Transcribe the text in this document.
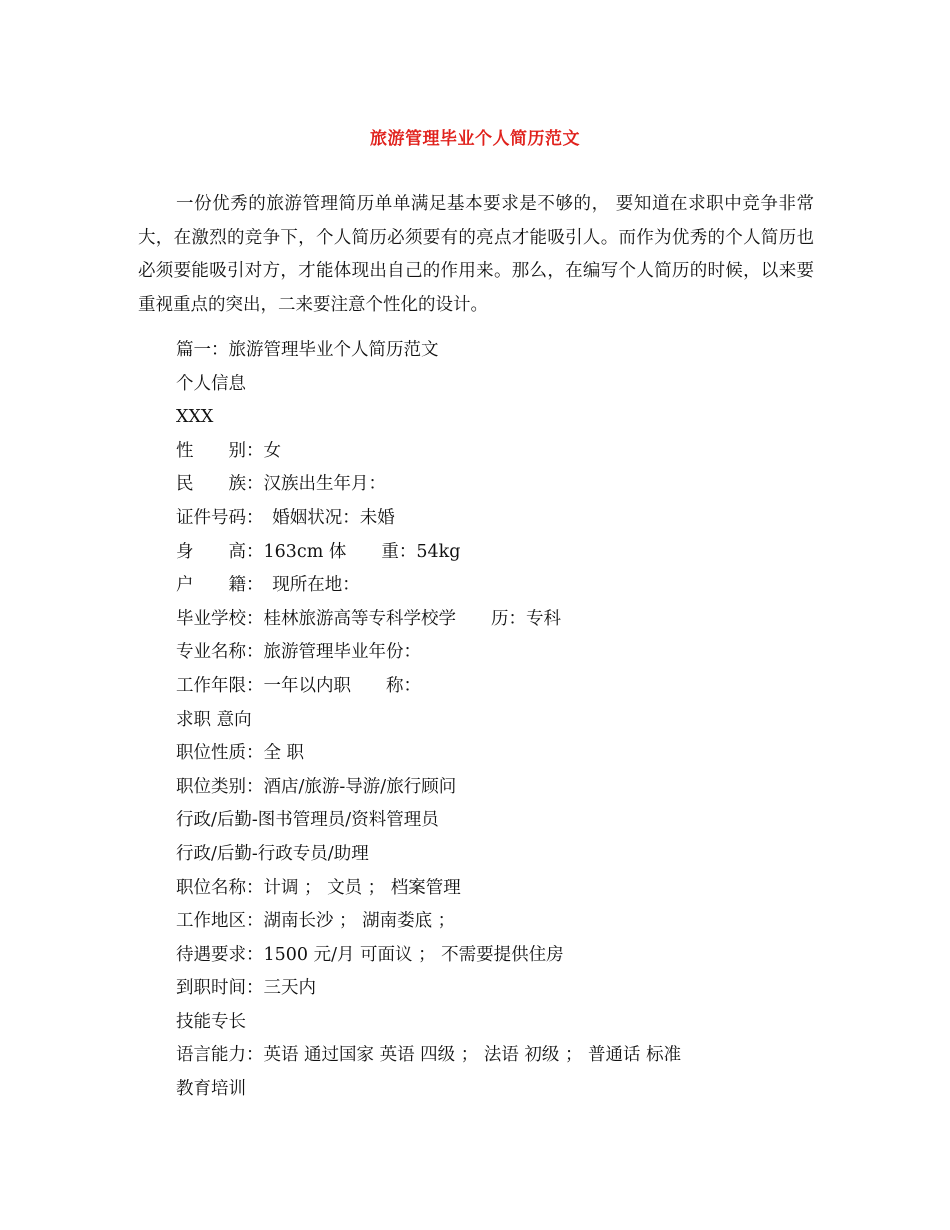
旅游管理毕业个人简历范文

一份优秀的旅游管理简历单单满足基本要求是不够的， 要知道在求职中竞争非常大，在激烈的竞争下，个人简历必须要有的亮点才能吸引人。而作为优秀的个人简历也必须要能吸引对方，才能体现出自己的作用来。那么，在编写个人简历的时候，以来要重视重点的突出，二来要注意个性化的设计。

篇一：旅游管理毕业个人简历范文
个人信息
XXX
性　　别：女
民　　族：汉族出生年月：
证件号码：　婚姻状况：未婚
身　　高：163cm 体　　重：54kg
户　　籍：　现所在地：
毕业学校：桂林旅游高等专科学校学　　历：专科
专业名称：旅游管理毕业年份：
工作年限：一年以内职　　称：
求职 意向
职位性质：全 职
职位类别：酒店/旅游-导游/旅行顾问
行政/后勤-图书管理员/资料管理员
行政/后勤-行政专员/助理
职位名称：计调 ； 文员 ； 档案管理
工作地区：湖南长沙 ； 湖南娄底 ；
待遇要求：1500 元/月 可面议 ； 不需要提供住房
到职时间：三天内
技能专长
语言能力：英语 通过国家 英语 四级 ； 法语 初级 ； 普通话 标准
教育培训
